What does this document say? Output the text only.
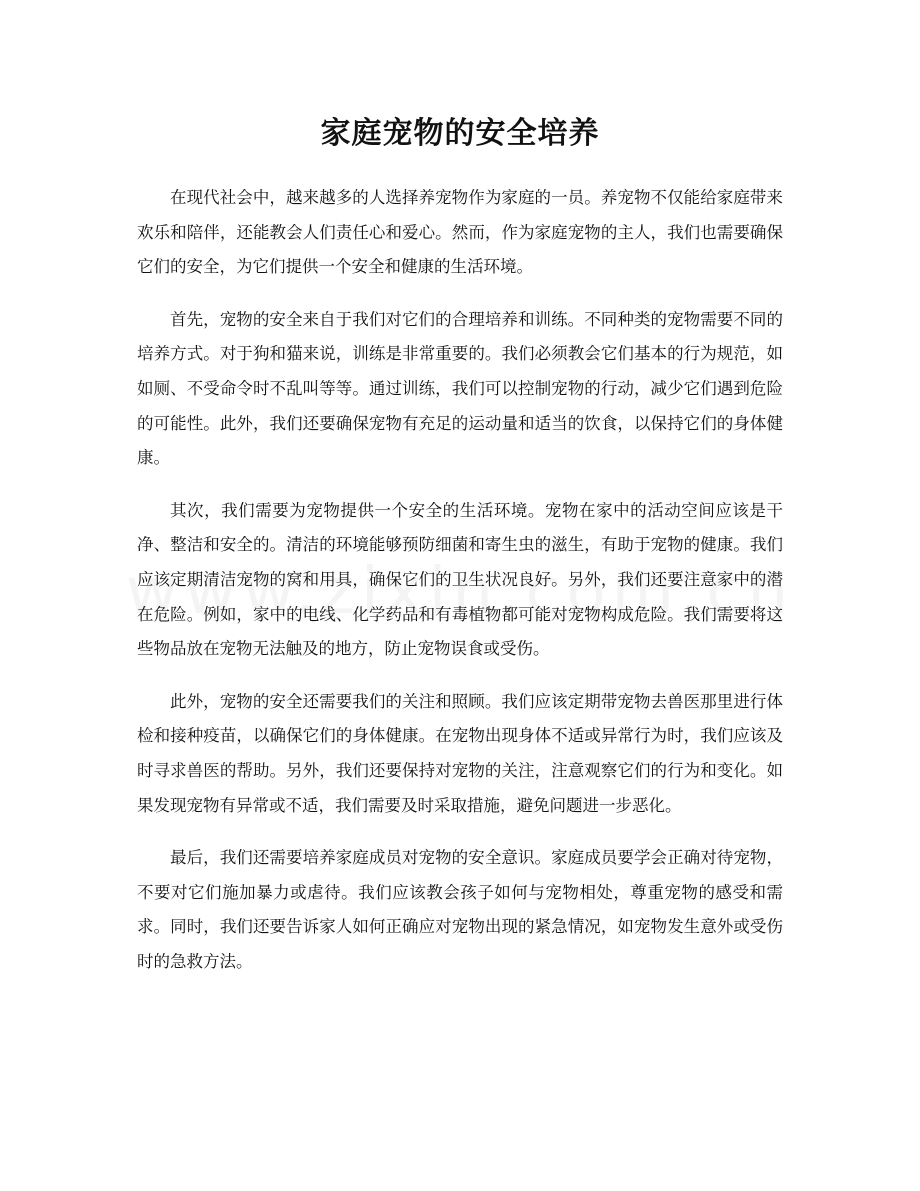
家庭宠物的安全培养

在现代社会中，越来越多的人选择养宠物作为家庭的一员。养宠物不仅能给家庭带来欢乐和陪伴，还能教会人们责任心和爱心。然而，作为家庭宠物的主人，我们也需要确保它们的安全，为它们提供一个安全和健康的生活环境。

首先，宠物的安全来自于我们对它们的合理培养和训练。不同种类的宠物需要不同的培养方式。对于狗和猫来说，训练是非常重要的。我们必须教会它们基本的行为规范，如如厕、不受命令时不乱叫等等。通过训练，我们可以控制宠物的行动，减少它们遇到危险的可能性。此外，我们还要确保宠物有充足的运动量和适当的饮食，以保持它们的身体健康。

其次，我们需要为宠物提供一个安全的生活环境。宠物在家中的活动空间应该是干净、整洁和安全的。清洁的环境能够预防细菌和寄生虫的滋生，有助于宠物的健康。我们应该定期清洁宠物的窝和用具，确保它们的卫生状况良好。另外，我们还要注意家中的潜在危险。例如，家中的电线、化学药品和有毒植物都可能对宠物构成危险。我们需要将这些物品放在宠物无法触及的地方，防止宠物误食或受伤。

此外，宠物的安全还需要我们的关注和照顾。我们应该定期带宠物去兽医那里进行体检和接种疫苗，以确保它们的身体健康。在宠物出现身体不适或异常行为时，我们应该及时寻求兽医的帮助。另外，我们还要保持对宠物的关注，注意观察它们的行为和变化。如果发现宠物有异常或不适，我们需要及时采取措施，避免问题进一步恶化。

最后，我们还需要培养家庭成员对宠物的安全意识。家庭成员要学会正确对待宠物，不要对它们施加暴力或虐待。我们应该教会孩子如何与宠物相处，尊重宠物的感受和需求。同时，我们还要告诉家人如何正确应对宠物出现的紧急情况，如宠物发生意外或受伤时的急救方法。
